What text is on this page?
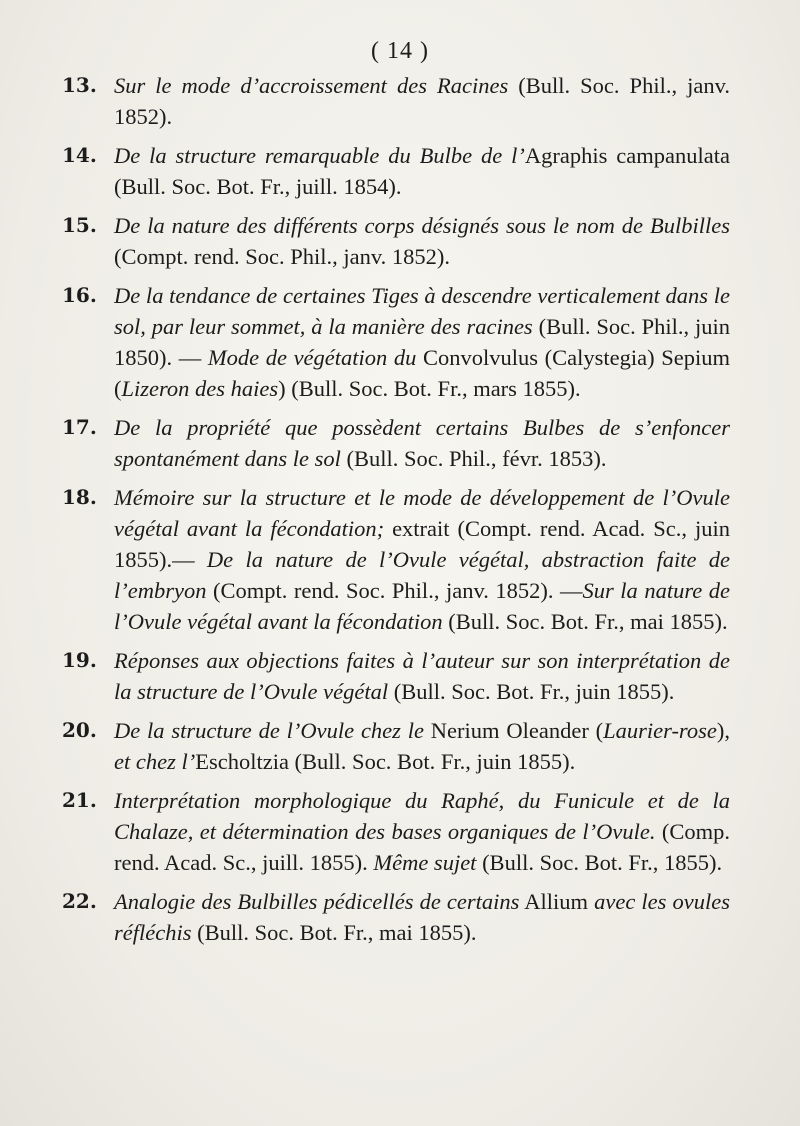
( 14 )
13. Sur le mode d’accroissement des Racines (Bull. Soc. Phil., janv. 1852).
14. De la structure remarquable du Bulbe de l’Agraphis campanulata (Bull. Soc. Bot. Fr., juill. 1854).
15. De la nature des différents corps désignés sous le nom de Bulbilles (Compt. rend. Soc. Phil., janv. 1852).
16. De la tendance de certaines Tiges à descendre verticalement dans le sol, par leur sommet, à la manière des racines (Bull. Soc. Phil., juin 1850). — Mode de végétation du Convolvulus (Calystegia) Sepium (Lizeron des haies) (Bull. Soc. Bot. Fr., mars 1855).
17. De la propriété que possèdent certains Bulbes de s’enfoncer spontanément dans le sol (Bull. Soc. Phil., févr. 1853).
18. Mémoire sur la structure et le mode de développement de l’Ovule végétal avant la fécondation; extrait (Compt. rend. Acad. Sc., juin 1855).— De la nature de l’Ovule végétal, abstraction faite de l’embryon (Compt. rend. Soc. Phil., janv. 1852). —Sur la nature de l’Ovule végétal avant la fécondation (Bull. Soc. Bot. Fr., mai 1855).
19. Réponses aux objections faites à l’auteur sur son interprétation de la structure de l’Ovule végétal (Bull. Soc. Bot. Fr., juin 1855).
20. De la structure de l’Ovule chez le Nerium Oleander (Laurier-rose), et chez l’Escholtzia (Bull. Soc. Bot. Fr., juin 1855).
21. Interprétation morphologique du Raphé, du Funicule et de la Chalaze, et détermination des bases organiques de l’Ovule. (Comp. rend. Acad. Sc., juill. 1855). Même sujet (Bull. Soc. Bot. Fr., 1855).
22. Analogie des Bulbilles pédicellés de certains Allium avec les ovules réfléchis (Bull. Soc. Bot. Fr., mai 1855).
